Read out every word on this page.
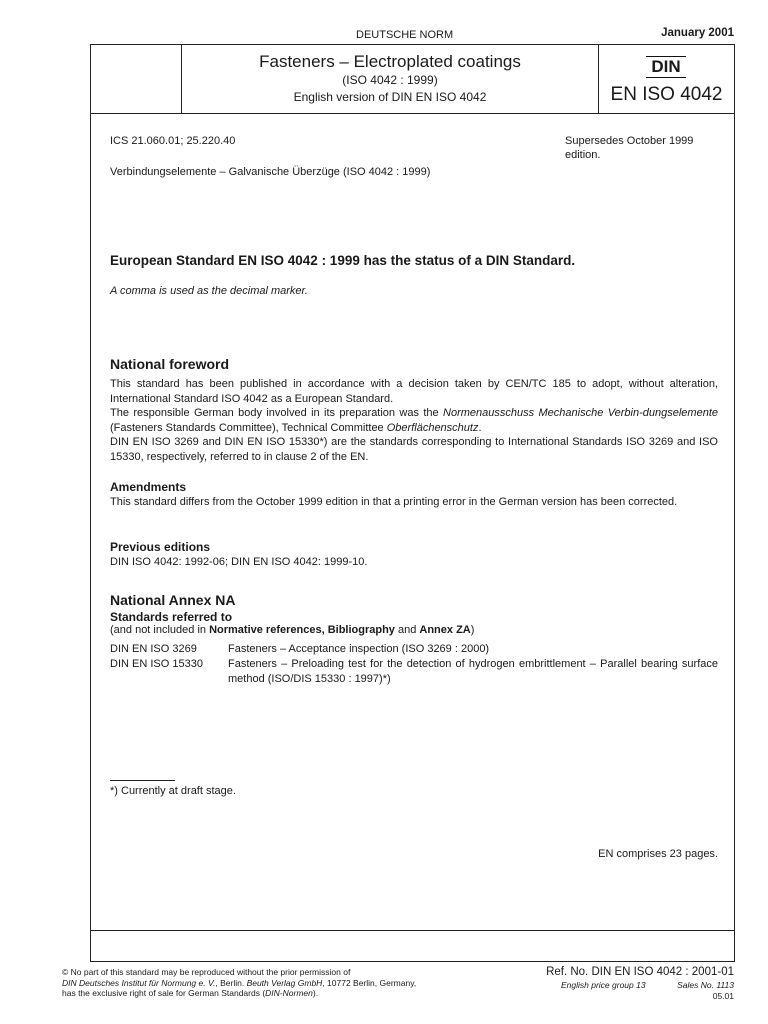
DEUTSCHE NORM	January 2001
Fasteners – Electroplated coatings
(ISO 4042 : 1999)
English version of DIN EN ISO 4042
DIN
EN ISO 4042
ICS 21.060.01; 25.220.40	Supersedes October 1999
edition.
Verbindungselemente – Galvanische Überzüge (ISO 4042 : 1999)
European Standard EN ISO 4042 : 1999 has the status of a DIN Standard.
A comma is used as the decimal marker.
National foreword
This standard has been published in accordance with a decision taken by CEN/TC 185 to adopt, without alteration, International Standard ISO 4042 as a European Standard.
The responsible German body involved in its preparation was the Normenausschuss Mechanische Verbin-dungselemente (Fasteners Standards Committee), Technical Committee Oberflächenschutz.
DIN EN ISO 3269 and DIN EN ISO 15330*) are the standards corresponding to International Standards ISO 3269 and ISO 15330, respectively, referred to in clause 2 of the EN.
Amendments
This standard differs from the October 1999 edition in that a printing error in the German version has been corrected.
Previous editions
DIN ISO 4042: 1992-06; DIN EN ISO 4042: 1999-10.
National Annex NA
Standards referred to
(and not included in Normative references, Bibliography and Annex ZA)
DIN EN ISO 3269	Fasteners – Acceptance inspection (ISO 3269 : 2000)
DIN EN ISO 15330 Fasteners – Preloading test for the detection of hydrogen embrittlement – Parallel bearing surface method (ISO/DIS 15330 : 1997)*)
*) Currently at draft stage.
EN comprises 23 pages.
© No part of this standard may be reproduced without the prior permission of
DIN Deutsches Institut für Normung e. V., Berlin. Beuth Verlag GmbH, 10772 Berlin, Germany,
has the exclusive right of sale for German Standards (DIN-Normen).
Ref. No. DIN EN ISO 4042 : 2001-01
English price group 13	Sales No. 1113
05.01
